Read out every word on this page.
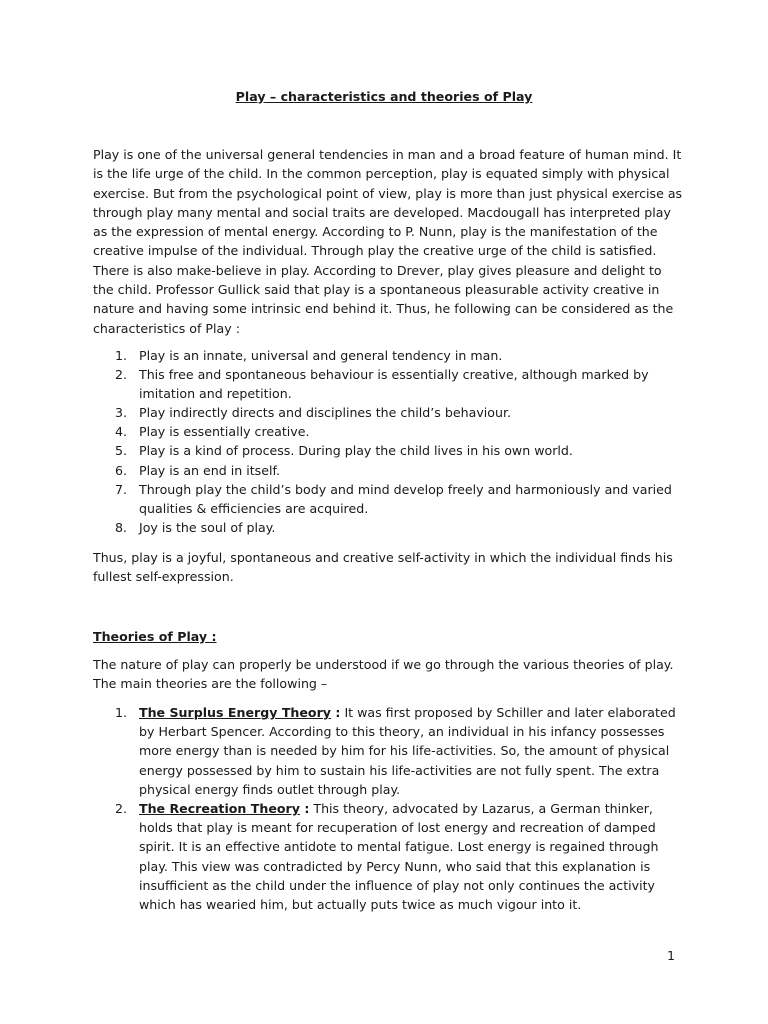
Play – characteristics and theories of Play
Play is one of the universal general tendencies in man and a broad feature of human mind. It is the life urge of the child. In the common perception, play is equated simply with physical exercise. But from the psychological point of view, play is more than just physical exercise as through play many mental and social traits are developed. Macdougall has interpreted play as the expression of mental energy. According to P. Nunn, play is the manifestation of the creative impulse of the individual. Through play the creative urge of the child is satisfied. There is also make-believe in play. According to Drever, play gives pleasure and delight to the child. Professor Gullick said that play is a spontaneous pleasurable activity creative in nature and having some intrinsic end behind it. Thus, he following can be considered as the characteristics of Play :
1. Play is an innate, universal and general tendency in man.
2. This free and spontaneous behaviour is essentially creative, although marked by imitation and repetition.
3. Play indirectly directs and disciplines the child’s behaviour.
4. Play is essentially creative.
5. Play is a kind of process. During play the child lives in his own world.
6. Play is an end in itself.
7. Through play the child’s body and mind develop freely and harmoniously and varied qualities & efficiencies are acquired.
8. Joy is the soul of play.
Thus, play is a joyful, spontaneous and creative self-activity in which the individual finds his fullest self-expression.
Theories of Play :
The nature of play can properly be understood if we go through the various theories of play. The main theories are the following –
1. The Surplus Energy Theory : It was first proposed by Schiller and later elaborated by Herbart Spencer. According to this theory, an individual in his infancy possesses more energy than is needed by him for his life-activities. So, the amount of physical energy possessed by him to sustain his life-activities are not fully spent. The extra physical energy finds outlet through play.
2. The Recreation Theory : This theory, advocated by Lazarus, a German thinker, holds that play is meant for recuperation of lost energy and recreation of damped spirit. It is an effective antidote to mental fatigue. Lost energy is regained through play. This view was contradicted by Percy Nunn, who said that this explanation is insufficient as the child under the influence of play not only continues the activity which has wearied him, but actually puts twice as much vigour into it.
1
